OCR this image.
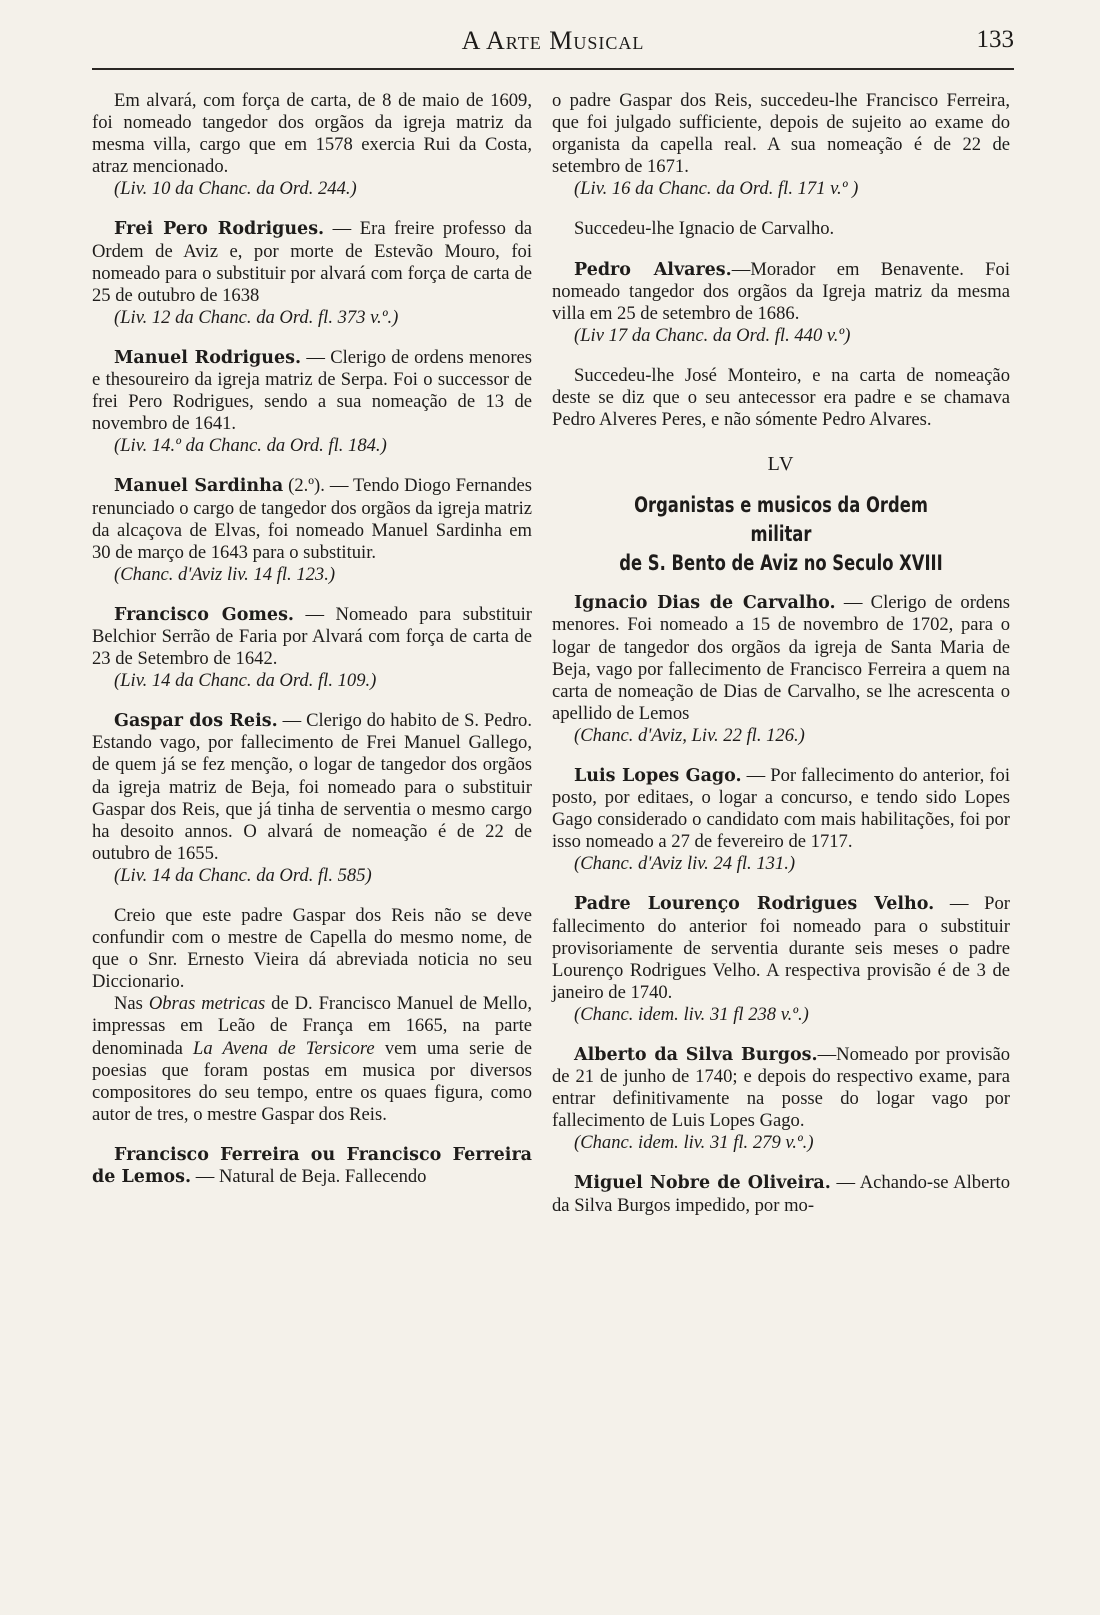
A Arte Musical	133

Em alvará, com força de carta, de 8 de maio de 1609, foi nomeado tangedor dos orgãos da igreja matriz da mesma villa, cargo que em 1578 exercia Rui da Costa, atraz mencionado.

(Liv. 10 da Chanc. da Ord. 244.)

Frei Pero Rodrigues. — Era freire professo da Ordem de Aviz e, por morte de Estevão Mouro, foi nomeado para o substituir por alvará com força de carta de 25 de outubro de 1638

(Liv. 12 da Chanc. da Ord. fl. 373 v.º.)

Manuel Rodrigues. — Clerigo de ordens menores e thesoureiro da igreja matriz de Serpa. Foi o successor de frei Pero Rodrigues, sendo a sua nomeação de 13 de novembro de 1641.

(Liv. 14.º da Chanc. da Ord. fl. 184.)

Manuel Sardinha (2.º). — Tendo Diogo Fernandes renunciado o cargo de tangedor dos orgãos da igreja matriz da alcaçova de Elvas, foi nomeado Manuel Sardinha em 30 de março de 1643 para o substituir.

(Chanc. d'Aviz liv. 14 fl. 123.)

Francisco Gomes. — Nomeado para substituir Belchior Serrão de Faria por Alvará com força de carta de 23 de Setembro de 1642.

(Liv. 14 da Chanc. da Ord. fl. 109.)

Gaspar dos Reis. — Clerigo do habito de S. Pedro. Estando vago, por fallecimento de Frei Manuel Gallego, de quem já se fez menção, o logar de tangedor dos orgãos da igreja matriz de Beja, foi nomeado para o substituir Gaspar dos Reis, que já tinha de serventia o mesmo cargo ha desoito annos. O alvará de nomeação é de 22 de outubro de 1655.

(Liv. 14 da Chanc. da Ord. fl. 585)

Creio que este padre Gaspar dos Reis não se deve confundir com o mestre de Capella do mesmo nome, de que o Snr. Ernesto Vieira dá abreviada noticia no seu Diccionario.

Nas Obras metricas de D. Francisco Manuel de Mello, impressas em Leão de França em 1665, na parte denominada La Avena de Tersicore vem uma serie de poesias que foram postas em musica por diversos compositores do seu tempo, entre os quaes figura, como autor de tres, o mestre Gaspar dos Reis.

Francisco Ferreira ou Francisco Ferreira de Lemos. — Natural de Beja. Fallecendo

o padre Gaspar dos Reis, succedeu-lhe Francisco Ferreira, que foi julgado sufficiente, depois de sujeito ao exame do organista da capella real. A sua nomeação é de 22 de setembro de 1671.

(Liv. 16 da Chanc. da Ord. fl. 171 v.º )

Succedeu-lhe Ignacio de Carvalho.

Pedro Alvares.—Morador em Benavente. Foi nomeado tangedor dos orgãos da Igreja matriz da mesma villa em 25 de setembro de 1686.

(Liv 17 da Chanc. da Ord. fl. 440 v.º)

Succedeu-lhe José Monteiro, e na carta de nomeação deste se diz que o seu antecessor era padre e se chamava Pedro Alveres Peres, e não sómente Pedro Alvares.

LV
Organistas e musicos da Ordem militar
de S. Bento de Aviz no Seculo XVIII

Ignacio Dias de Carvalho. — Clerigo de ordens menores. Foi nomeado a 15 de novembro de 1702, para o logar de tangedor dos orgãos da igreja de Santa Maria de Beja, vago por fallecimento de Francisco Ferreira a quem na carta de nomeação de Dias de Carvalho, se lhe acrescenta o apellido de Lemos

(Chanc. d'Aviz, Liv. 22 fl. 126.)

Luis Lopes Gago. — Por fallecimento do anterior, foi posto, por editaes, o logar a concurso, e tendo sido Lopes Gago considerado o candidato com mais habilitações, foi por isso nomeado a 27 de fevereiro de 1717.

(Chanc. d'Aviz liv. 24 fl. 131.)

Padre Lourenço Rodrigues Velho. — Por fallecimento do anterior foi nomeado para o substituir provisoriamente de serventia durante seis meses o padre Lourenço Rodrigues Velho. A respectiva provisão é de 3 de janeiro de 1740.

(Chanc. idem. liv. 31 fl 238 v.º.)

Alberto da Silva Burgos.—Nomeado por provisão de 21 de junho de 1740; e depois do respectivo exame, para entrar definitivamente na posse do logar vago por fallecimento de Luis Lopes Gago.

(Chanc. idem. liv. 31 fl. 279 v.º.)

Miguel Nobre de Oliveira. — Achando-se Alberto da Silva Burgos impedido, por mo-
